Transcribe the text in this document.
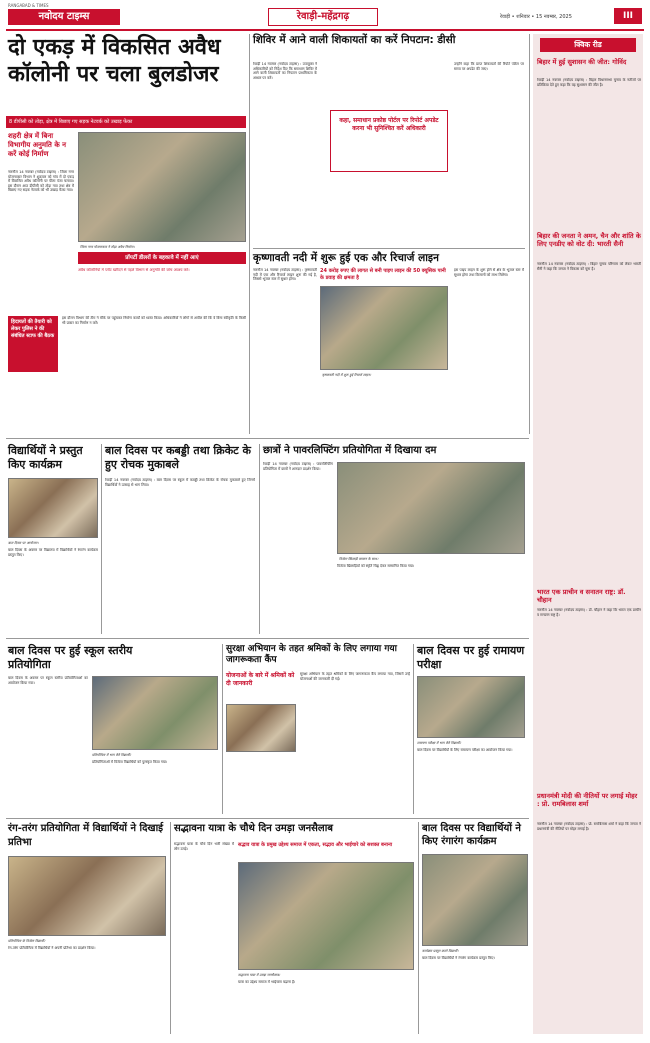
RANGABAD & TIMES
नवोदय टाइम्स	रेवाड़ी-महेंद्रगढ़	रेवाड़ी • शनिवार • 15 नवम्बर, 2025	III
दो एकड़ में विकसित अवैध कॉलोनी पर चला बुलडोजर
8 डीपीसी को तोड़ा, क्षेत्र में बिछाए गए सड़क नेटवर्क को उखाड़ फेंका
शहरी क्षेत्र में बिना विभागीय अनुमति के न करें कोई निर्माण
नारनौल 14 नवम्बर (नवोदय टाइम्स) : जिला नगर योजनाकार विभाग ने शुक्रवार को गांव में दो एकड़ में विकसित अवैध कॉलोनी पर पीला पंजा चलाया। इस दौरान आठ डीपीसी को तोड़ा गया तथा क्षेत्र में बिछाए गए सड़क नेटवर्क को भी उखाड़ फेंका गया।
जिला नगर योजनाकार ने तोड़ा अवैध निर्माण।
प्रॉपर्टी डीलरों के बहकावे में नहीं आएं
अवैध कॉलोनियों में प्लॉट खरीदने से पहले विभाग से अनुमति की जांच अवश्य करें।
हिदायतों की तैयारी को लेकर पुलिस ने की संबंधित स्टाफ की बैठक
इस दौरान विभाग की टीम ने मौके पर पहुंचकर निर्माण कार्यों को ध्वस्त किया। अधिकारियों ने लोगों से अपील की कि वे बिना स्वीकृति के किसी भी प्रकार का निर्माण न करें।
शिविर में आने वाली शिकायतों का करें निपटान: डीसी
रेवाड़ी 14 नवम्बर (नवोदय टाइम्स) : उपायुक्त ने अधिकारियों को निर्देश दिए कि समाधान शिविर में आने वाली शिकायतों का निपटान प्राथमिकता के आधार पर करें।
कहा, समाधान प्रकोष्ठ पोर्टल पर रिपोर्ट अपडेट करना भी सुनिश्चित करें अधिकारी
उन्होंने कहा कि प्राप्त शिकायतों की रिपोर्ट पोर्टल पर समय पर अपडेट की जाए।
कृष्णावती नदी में शुरू हुई एक और रिचार्ज लाइन
नारनौल 14 नवम्बर (नवोदय टाइम्स) : कृष्णावती नदी में एक और रिचार्ज लाइन शुरू की गई है, जिससे भूजल स्तर में सुधार होगा।
24 करोड़ रुपए की लागत से बनी पाइप लाइन की 50 क्यूसिक पानी के प्रवाह की क्षमता है
कृष्णावती नदी में शुरू हुई रिचार्ज लाइन।
इस पाइप लाइन के शुरू होने से क्षेत्र के भूजल स्तर में सुधार होगा तथा किसानों को लाभ मिलेगा।
क्विक रीड
बिहार में हुई सुशासन की जीत: गोविंद
रेवाड़ी 14 नवम्बर (नवोदय टाइम्स) : बिहार विधानसभा चुनाव के नतीजों पर प्रतिक्रिया देते हुए कहा कि यह सुशासन की जीत है।
बिहार की जनता ने अमन, चैन और शांति के लिए एनडीए को वोट दी: भारती सैनी
नारनौल 14 नवम्बर (नवोदय टाइम्स) : बिहार चुनाव परिणाम को लेकर भारती सैनी ने कहा कि जनता ने विकास को चुना है।
भारत एक प्राचीन व सनातन राष्ट्र: डॉ. चौहान
नारनौल 14 नवम्बर (नवोदय टाइम्स) : डॉ. चौहान ने कहा कि भारत एक प्राचीन व सनातन राष्ट्र है।
प्रधानमंत्री मोदी की नीतियों पर लगाई मोहर : प्रो. रामबिलास शर्मा
नारनौल 14 नवम्बर (नवोदय टाइम्स) : प्रो. रामबिलास शर्मा ने कहा कि जनता ने प्रधानमंत्री की नीतियों पर मोहर लगाई है।
विद्यार्थियों ने प्रस्तुत किए कार्यक्रम
बाल दिवस पर आयोजन।
बाल दिवस के अवसर पर विद्यालय में विद्यार्थियों ने रंगारंग कार्यक्रम प्रस्तुत किए।
बाल दिवस पर कबड्डी तथा क्रिकेट के हुए रोचक मुकाबले
रेवाड़ी 14 नवम्बर (नवोदय टाइम्स) : बाल दिवस पर स्कूल में कबड्डी तथा क्रिकेट के रोचक मुकाबले हुए जिनमें विद्यार्थियों ने उत्साह से भाग लिया।
छात्रों ने पावरलिफ्टिंग प्रतियोगिता में दिखाया दम
रेवाड़ी 14 नवम्बर (नवोदय टाइम्स) : पावरलिफ्टिंग प्रतियोगिता में छात्रों ने शानदार प्रदर्शन किया।
विजेता खिलाड़ी सम्मान के साथ।
विजेता खिलाड़ियों को स्मृति चिह्न देकर सम्मानित किया गया।
बाल दिवस पर हुई स्कूल स्तरीय प्रतियोगिता
बाल दिवस के अवसर पर स्कूल स्तरीय प्रतियोगिताओं का आयोजन किया गया।
प्रतियोगिता में भाग लेते विद्यार्थी।
प्रतियोगिताओं में विजेता विद्यार्थियों को पुरस्कृत किया गया।
सुरक्षा अभियान के तहत श्रमिकों के लिए लगाया गया जागरूकता कैंप
योजनाओं के बारे में श्रमिकों को दी जानकारी
सुरक्षा अभियान के तहत श्रमिकों के लिए जागरूकता कैंप लगाया गया, जिसमें उन्हें योजनाओं की जानकारी दी गई।
बाल दिवस पर हुई रामायण परीक्षा
रामायण परीक्षा में भाग लेते विद्यार्थी।
बाल दिवस पर विद्यार्थियों के लिए रामायण परीक्षा का आयोजन किया गया।
रंग-तरंग प्रतियोगिता में विद्यार्थियों ने दिखाई प्रतिभा
प्रतियोगिता के विजेता विद्यार्थी।
रंग-तरंग प्रतियोगिता में विद्यार्थियों ने अपनी प्रतिभा का प्रदर्शन किया।
सद्भावना यात्रा के चौथे दिन उमड़ा जनसैलाब
सद्भावना यात्रा के चौथे दिन भारी संख्या में लोग उमड़े।
सद्भाव यात्रा के प्रमुख उद्देश्य समाज में एकता, सद्भाव और भाईचारे को सशक्त बनाना
सद्भावना यात्रा में उमड़ा जनसैलाब।
यात्रा का उद्देश्य समाज में भाईचारा बढ़ाना है।
बाल दिवस पर विद्यार्थियों ने किए रंगारंग कार्यक्रम
कार्यक्रम प्रस्तुत करते विद्यार्थी।
बाल दिवस पर विद्यार्थियों ने रंगारंग कार्यक्रम प्रस्तुत किए।
